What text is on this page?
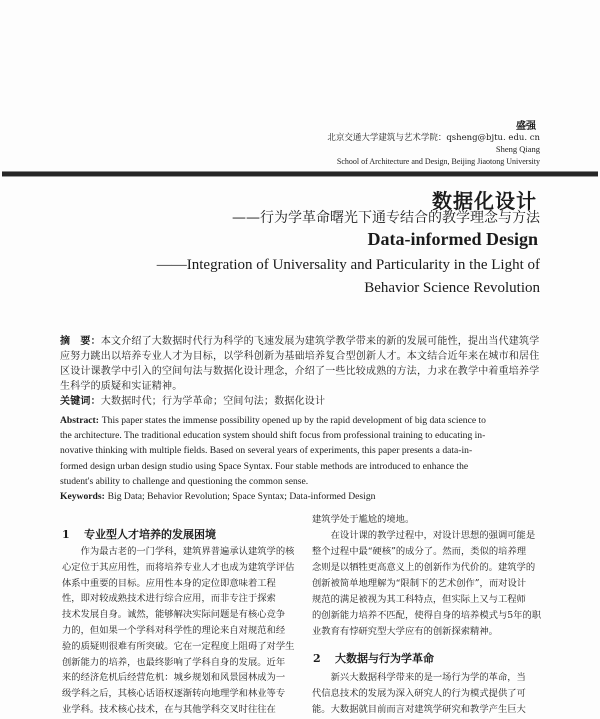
盛强
北京交通大学建筑与艺术学院：qsheng@bjtu. edu. cn
Sheng Qiang
School of Architecture and Design, Beijing Jiaotong University
数据化设计
——行为学革命曙光下通专结合的教学理念与方法
Data-informed Design
——Integration of Universality and Particularity in the Light of
Behavior Science Revolution
摘　要：本文介绍了大数据时代行为科学的飞速发展为建筑学教学带来的新的发展可能性，提出当代建筑学
应努力跳出以培养专业人才为目标，以学科创新为基础培养复合型创新人才。本文结合近年来在城市和居住
区设计课教学中引入的空间句法与数据化设计理念，介绍了一些比较成熟的方法，力求在教学中着重培养学
生科学的质疑和实证精神。
关键词：大数据时代；行为学革命；空间句法；数据化设计
Abstract: This paper states the immense possibility opened up by the rapid development of big data science to
the architecture. The traditional education system should shift focus from professional training to educating in-
novative thinking with multiple fields. Based on several years of experiments, this paper presents a data-in-
formed design urban design studio using Space Syntax. Four stable methods are introduced to enhance the
student's ability to challenge and questioning the common sense.
Keywords: Big Data; Behavior Revolution; Space Syntax; Data-informed Design
1 专业型人才培养的发展困境
作为最古老的一门学科，建筑界普遍承认建筑学的核
心定位于其应用性，而将培养专业人才也成为建筑学评估
体系中重要的目标。应用性本身的定位即意味着工程
性，即对较成熟技术进行综合应用，而非专注于探索
技术发展自身。诚然，能够解决实际问题是有核心竞争
力的，但如果一个学科对科学性的理论来自对规范和经
验的质疑则很难有所突破。它在一定程度上阻碍了对学生
创新能力的培养，也最终影响了学科自身的发展。近年
来的经济危机后经营危机：城乡规划和风景园林成为一
级学科之后，其核心话语权逐渐转向地理学和林业等专
业学科。技术核心技术，在与其他学科交叉时往往在
建筑学处于尴尬的境地。
在设计课的教学过程中，对设计思想的强调可能是
整个过程中最“硬核”的成分了。然而，类似的培养理
念则是以牺牲更高意义上的创新作为代价的。建筑学的
创新被简单地理解为“限制下的艺术创作”，而对设计
规范的满足被视为其工科特点，但实际上又与工程师
的创新能力培养不匹配，使得自身的培养模式与5年的职
业教育有悖研究型大学应有的创新探索精神。
2 大数据与行为学革命
新兴大数据科学带来的是一场行为学的革命，当
代信息技术的发展为深入研究人的行为模式提供了可
能。大数据就目前而言对建筑学研究和教学产生巨大
